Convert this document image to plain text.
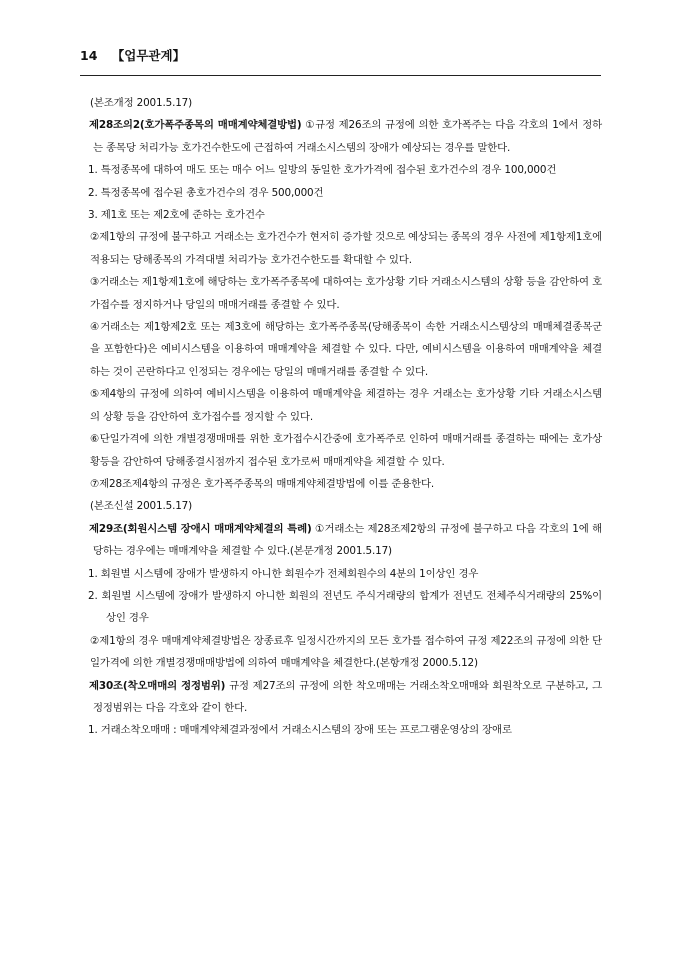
14 【업무관계】

(본조개정 2001.5.17)

제28조의2(호가폭주종목의 매매계약체결방법) ①규정 제26조의 규정에 의한 호가폭주는 다음 각호의 1에서 정하는 종목당 처리가능 호가건수한도에 근접하여 거래소시스템의 장애가 예상되는 경우를 말한다.

1. 특정종목에 대하여 매도 또는 매수 어느 일방의 동일한 호가가격에 접수된 호가건수의 경우 100,000건

2. 특정종목에 접수된 총호가건수의 경우 500,000건

3. 제1호 또는 제2호에 준하는 호가건수

②제1항의 규정에 불구하고 거래소는 호가건수가 현저히 증가할 것으로 예상되는 종목의 경우 사전에 제1항제1호에 적용되는 당해종목의 가격대별 처리가능 호가건수한도를 확대할 수 있다.

③거래소는 제1항제1호에 해당하는 호가폭주종목에 대하여는 호가상황 기타 거래소시스템의 상황 등을 감안하여 호가접수를 정지하거나 당일의 매매거래를 종결할 수 있다.

④거래소는 제1항제2호 또는 제3호에 해당하는 호가폭주종목(당해종목이 속한 거래소시스템상의 매매체결종목군을 포함한다)은 예비시스템을 이용하여 매매계약을 체결할 수 있다. 다만, 예비시스템을 이용하여 매매계약을 체결하는 것이 곤란하다고 인정되는 경우에는 당일의 매매거래를 종결할 수 있다.

⑤제4항의 규정에 의하여 예비시스템을 이용하여 매매계약을 체결하는 경우 거래소는 호가상황 기타 거래소시스템의 상황 등을 감안하여 호가접수를 정지할 수 있다.

⑥단일가격에 의한 개별경쟁매매를 위한 호가접수시간중에 호가폭주로 인하여 매매거래를 종결하는 때에는 호가상황등을 감안하여 당해종결시점까지 접수된 호가로써 매매계약을 체결할 수 있다.

⑦제28조제4항의 규정은 호가폭주종목의 매매계약체결방법에 이를 준용한다.

(본조신설 2001.5.17)

제29조(회원시스템 장애시 매매계약체결의 특례) ①거래소는 제28조제2항의 규정에 불구하고 다음 각호의 1에 해당하는 경우에는 매매계약을 체결할 수 있다.(본문개정 2001.5.17)

1. 회원별 시스템에 장애가 발생하지 아니한 회원수가 전체회원수의 4분의 1이상인 경우

2. 회원별 시스템에 장애가 발생하지 아니한 회원의 전년도 주식거래량의 합계가 전년도 전체주식거래량의 25%이상인 경우

②제1항의 경우 매매계약체결방법은 장종료후 일정시간까지의 모든 호가를 접수하여 규정 제22조의 규정에 의한 단일가격에 의한 개별경쟁매매방법에 의하여 매매계약을 체결한다.(본항개정 2000.5.12)

제30조(착오매매의 정정범위) 규정 제27조의 규정에 의한 착오매매는 거래소착오매매와 회원착오로 구분하고, 그 정정범위는 다음 각호와 같이 한다.

1. 거래소착오매매 : 매매계약체결과정에서 거래소시스템의 장애 또는 프로그램운영상의 장애로
